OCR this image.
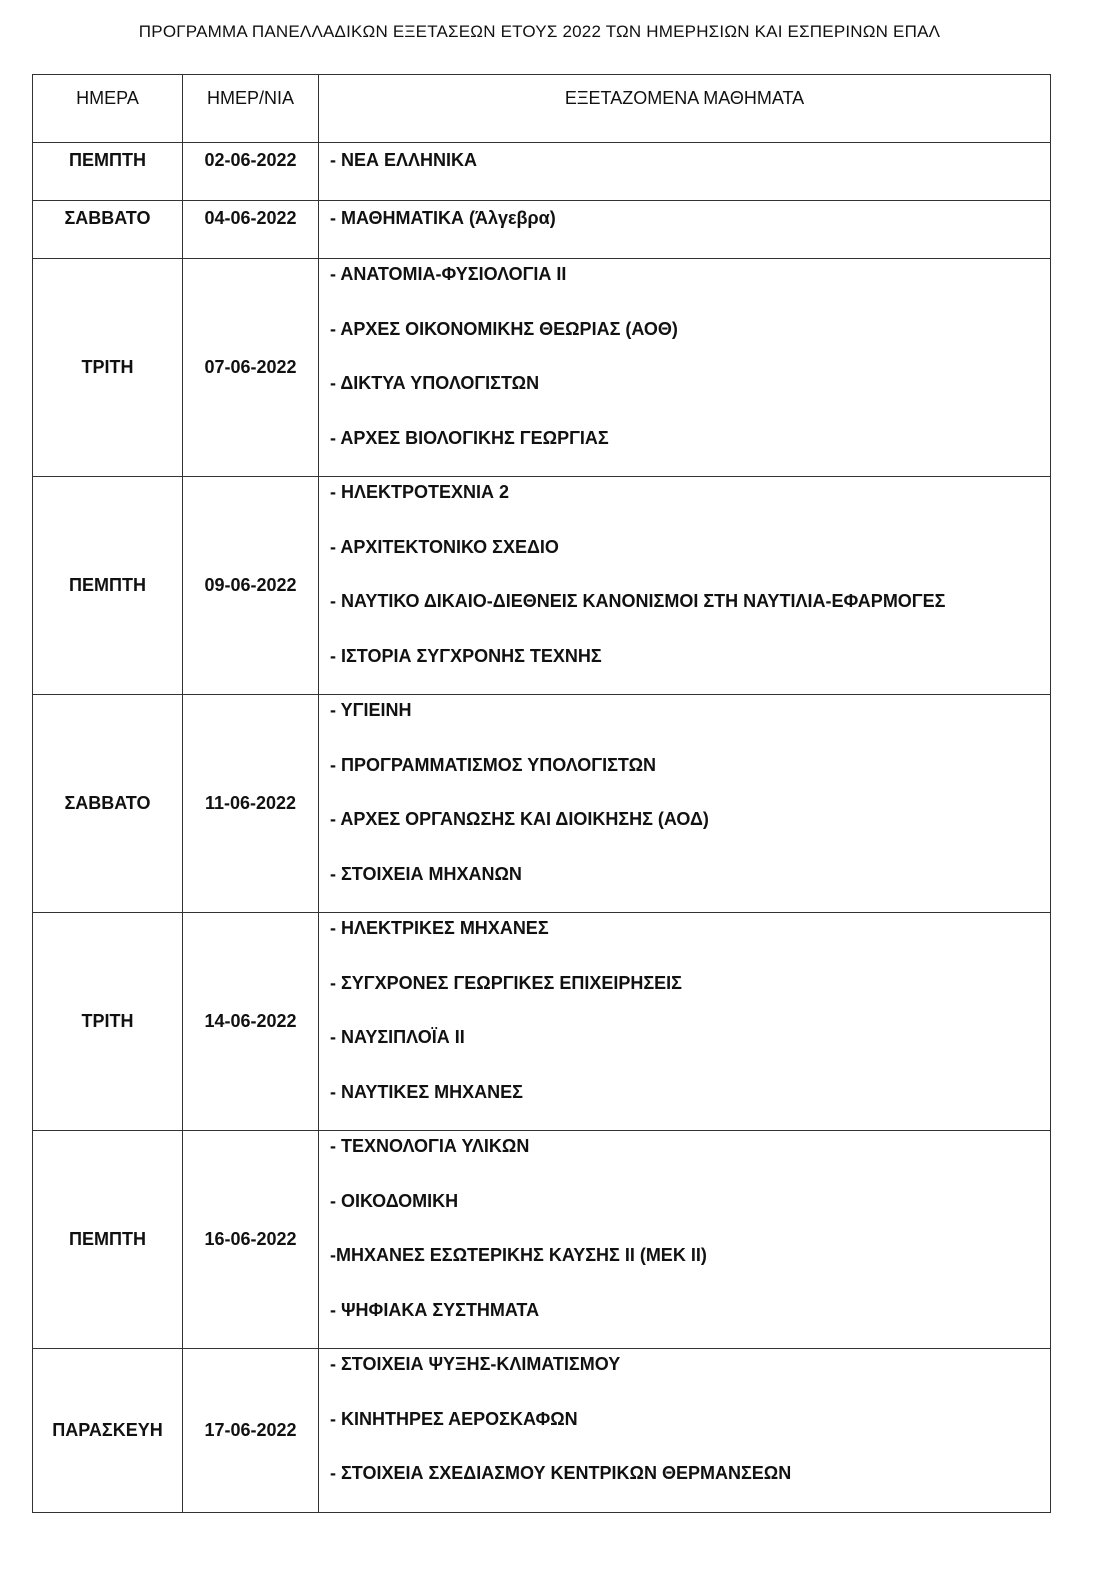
ΠΡΟΓΡΑΜΜΑ ΠΑΝΕΛΛΑΔΙΚΩΝ ΕΞΕΤΑΣΕΩΝ ΕΤΟΥΣ 2022 ΤΩΝ ΗΜΕΡΗΣΙΩΝ ΚΑΙ ΕΣΠΕΡΙΝΩΝ ΕΠΑΛ
ΗΜΕΡΑ	ΗΜΕΡ/ΝΙΑ	ΕΞΕΤΑΖΟΜΕΝΑ ΜΑΘΗΜΑΤΑ
ΠΕΜΠΤΗ	02-06-2022	- ΝΕΑ ΕΛΛΗΝΙΚΑ
ΣΑΒΒΑΤΟ	04-06-2022	- ΜΑΘΗΜΑΤΙΚΑ (Άλγεβρα)
ΤΡΙΤΗ	07-06-2022
- ΑΝΑΤΟΜΙΑ-ΦΥΣΙΟΛΟΓΙΑ ΙΙ
- ΑΡΧΕΣ ΟΙΚΟΝΟΜΙΚΗΣ ΘΕΩΡΙΑΣ (ΑΟΘ)
- ΔΙΚΤΥΑ ΥΠΟΛΟΓΙΣΤΩΝ
- ΑΡΧΕΣ ΒΙΟΛΟΓΙΚΗΣ ΓΕΩΡΓΙΑΣ
ΠΕΜΠΤΗ	09-06-2022
- ΗΛΕΚΤΡΟΤΕΧΝΙΑ 2
- ΑΡΧΙΤΕΚΤΟΝΙΚΟ ΣΧΕΔΙΟ
- ΝΑΥΤΙΚΟ ΔΙΚΑΙΟ-ΔΙΕΘΝΕΙΣ ΚΑΝΟΝΙΣΜΟΙ ΣΤΗ ΝΑΥΤΙΛΙΑ-ΕΦΑΡΜΟΓΕΣ
- ΙΣΤΟΡΙΑ ΣΥΓΧΡΟΝΗΣ ΤΕΧΝΗΣ
ΣΑΒΒΑΤΟ	11-06-2022
- ΥΓΙΕΙΝΗ
- ΠΡΟΓΡΑΜΜΑΤΙΣΜΟΣ ΥΠΟΛΟΓΙΣΤΩΝ
- ΑΡΧΕΣ ΟΡΓΑΝΩΣΗΣ ΚΑΙ ΔΙΟΙΚΗΣΗΣ (ΑΟΔ)
- ΣΤΟΙΧΕΙΑ ΜΗΧΑΝΩΝ
ΤΡΙΤΗ	14-06-2022
- ΗΛΕΚΤΡΙΚΕΣ ΜΗΧΑΝΕΣ
- ΣΥΓΧΡΟΝΕΣ ΓΕΩΡΓΙΚΕΣ ΕΠΙΧΕΙΡΗΣΕΙΣ
- ΝΑΥΣΙΠΛΟΪΑ ΙΙ
- ΝΑΥΤΙΚΕΣ ΜΗΧΑΝΕΣ
ΠΕΜΠΤΗ	16-06-2022
- ΤΕΧΝΟΛΟΓΙΑ ΥΛΙΚΩΝ
- ΟΙΚΟΔΟΜΙΚΗ
-ΜΗΧΑΝΕΣ ΕΣΩΤΕΡΙΚΗΣ ΚΑΥΣΗΣ ΙΙ (ΜΕΚ ΙΙ)
- ΨΗΦΙΑΚΑ ΣΥΣΤΗΜΑΤΑ
ΠΑΡΑΣΚΕΥΗ	17-06-2022
- ΣΤΟΙΧΕΙΑ ΨΥΞΗΣ-ΚΛΙΜΑΤΙΣΜΟΥ
- ΚΙΝΗΤΗΡΕΣ ΑΕΡΟΣΚΑΦΩΝ
- ΣΤΟΙΧΕΙΑ ΣΧΕΔΙΑΣΜΟΥ ΚΕΝΤΡΙΚΩΝ ΘΕΡΜΑΝΣΕΩΝ
